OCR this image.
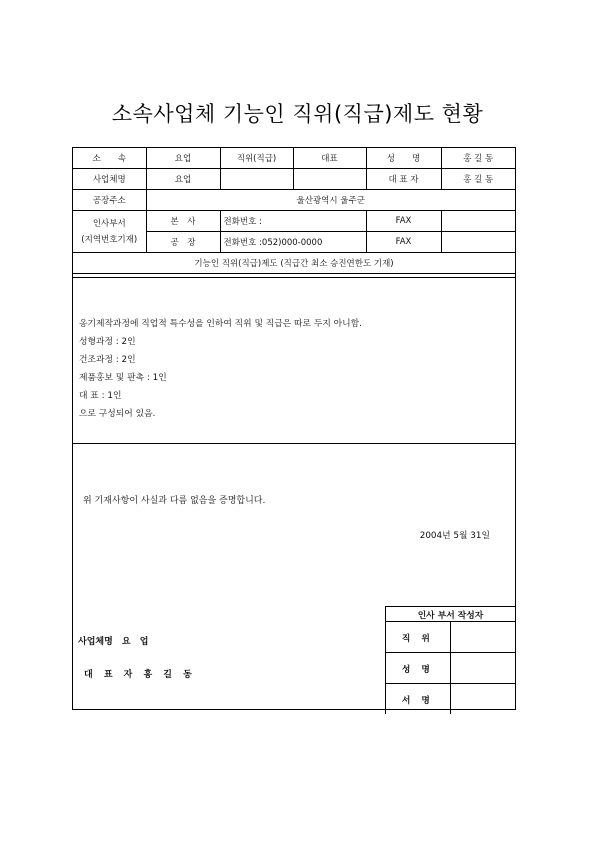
소속사업체 기능인 직위(직급)제도 현황
소　　속	요업	직위(직급)	대표	성　　명	홍 길 동
사업체명	요업			대 표 자	홍 길 동
공장주소	울산광역시 울주군				

인사부서
(지역번호기재)	본　사	전화번호 :		FAX	
	공　장	전화번호 :052)000-0000		FAX	
기능인 직위(직급)제도 (직급간 최소 승진연한도 기재)					
옹기제작과정에 직업적 특수성을 인하여 직위 및 직급은 따로 두지 아니함.
성형과정 : 2인
건조과정 : 2인
제품홍보 및 판촉 : 1인
대 표 : 1인
으로 구성되어 있음.
위 기재사항이 사실과 다름 없음을 증명합니다.
2004년 5월 31일
사업체명 요 업
대 표 자 홍 길 동
인사 부서 작성자	
직 위	
성 명	
서 명	
